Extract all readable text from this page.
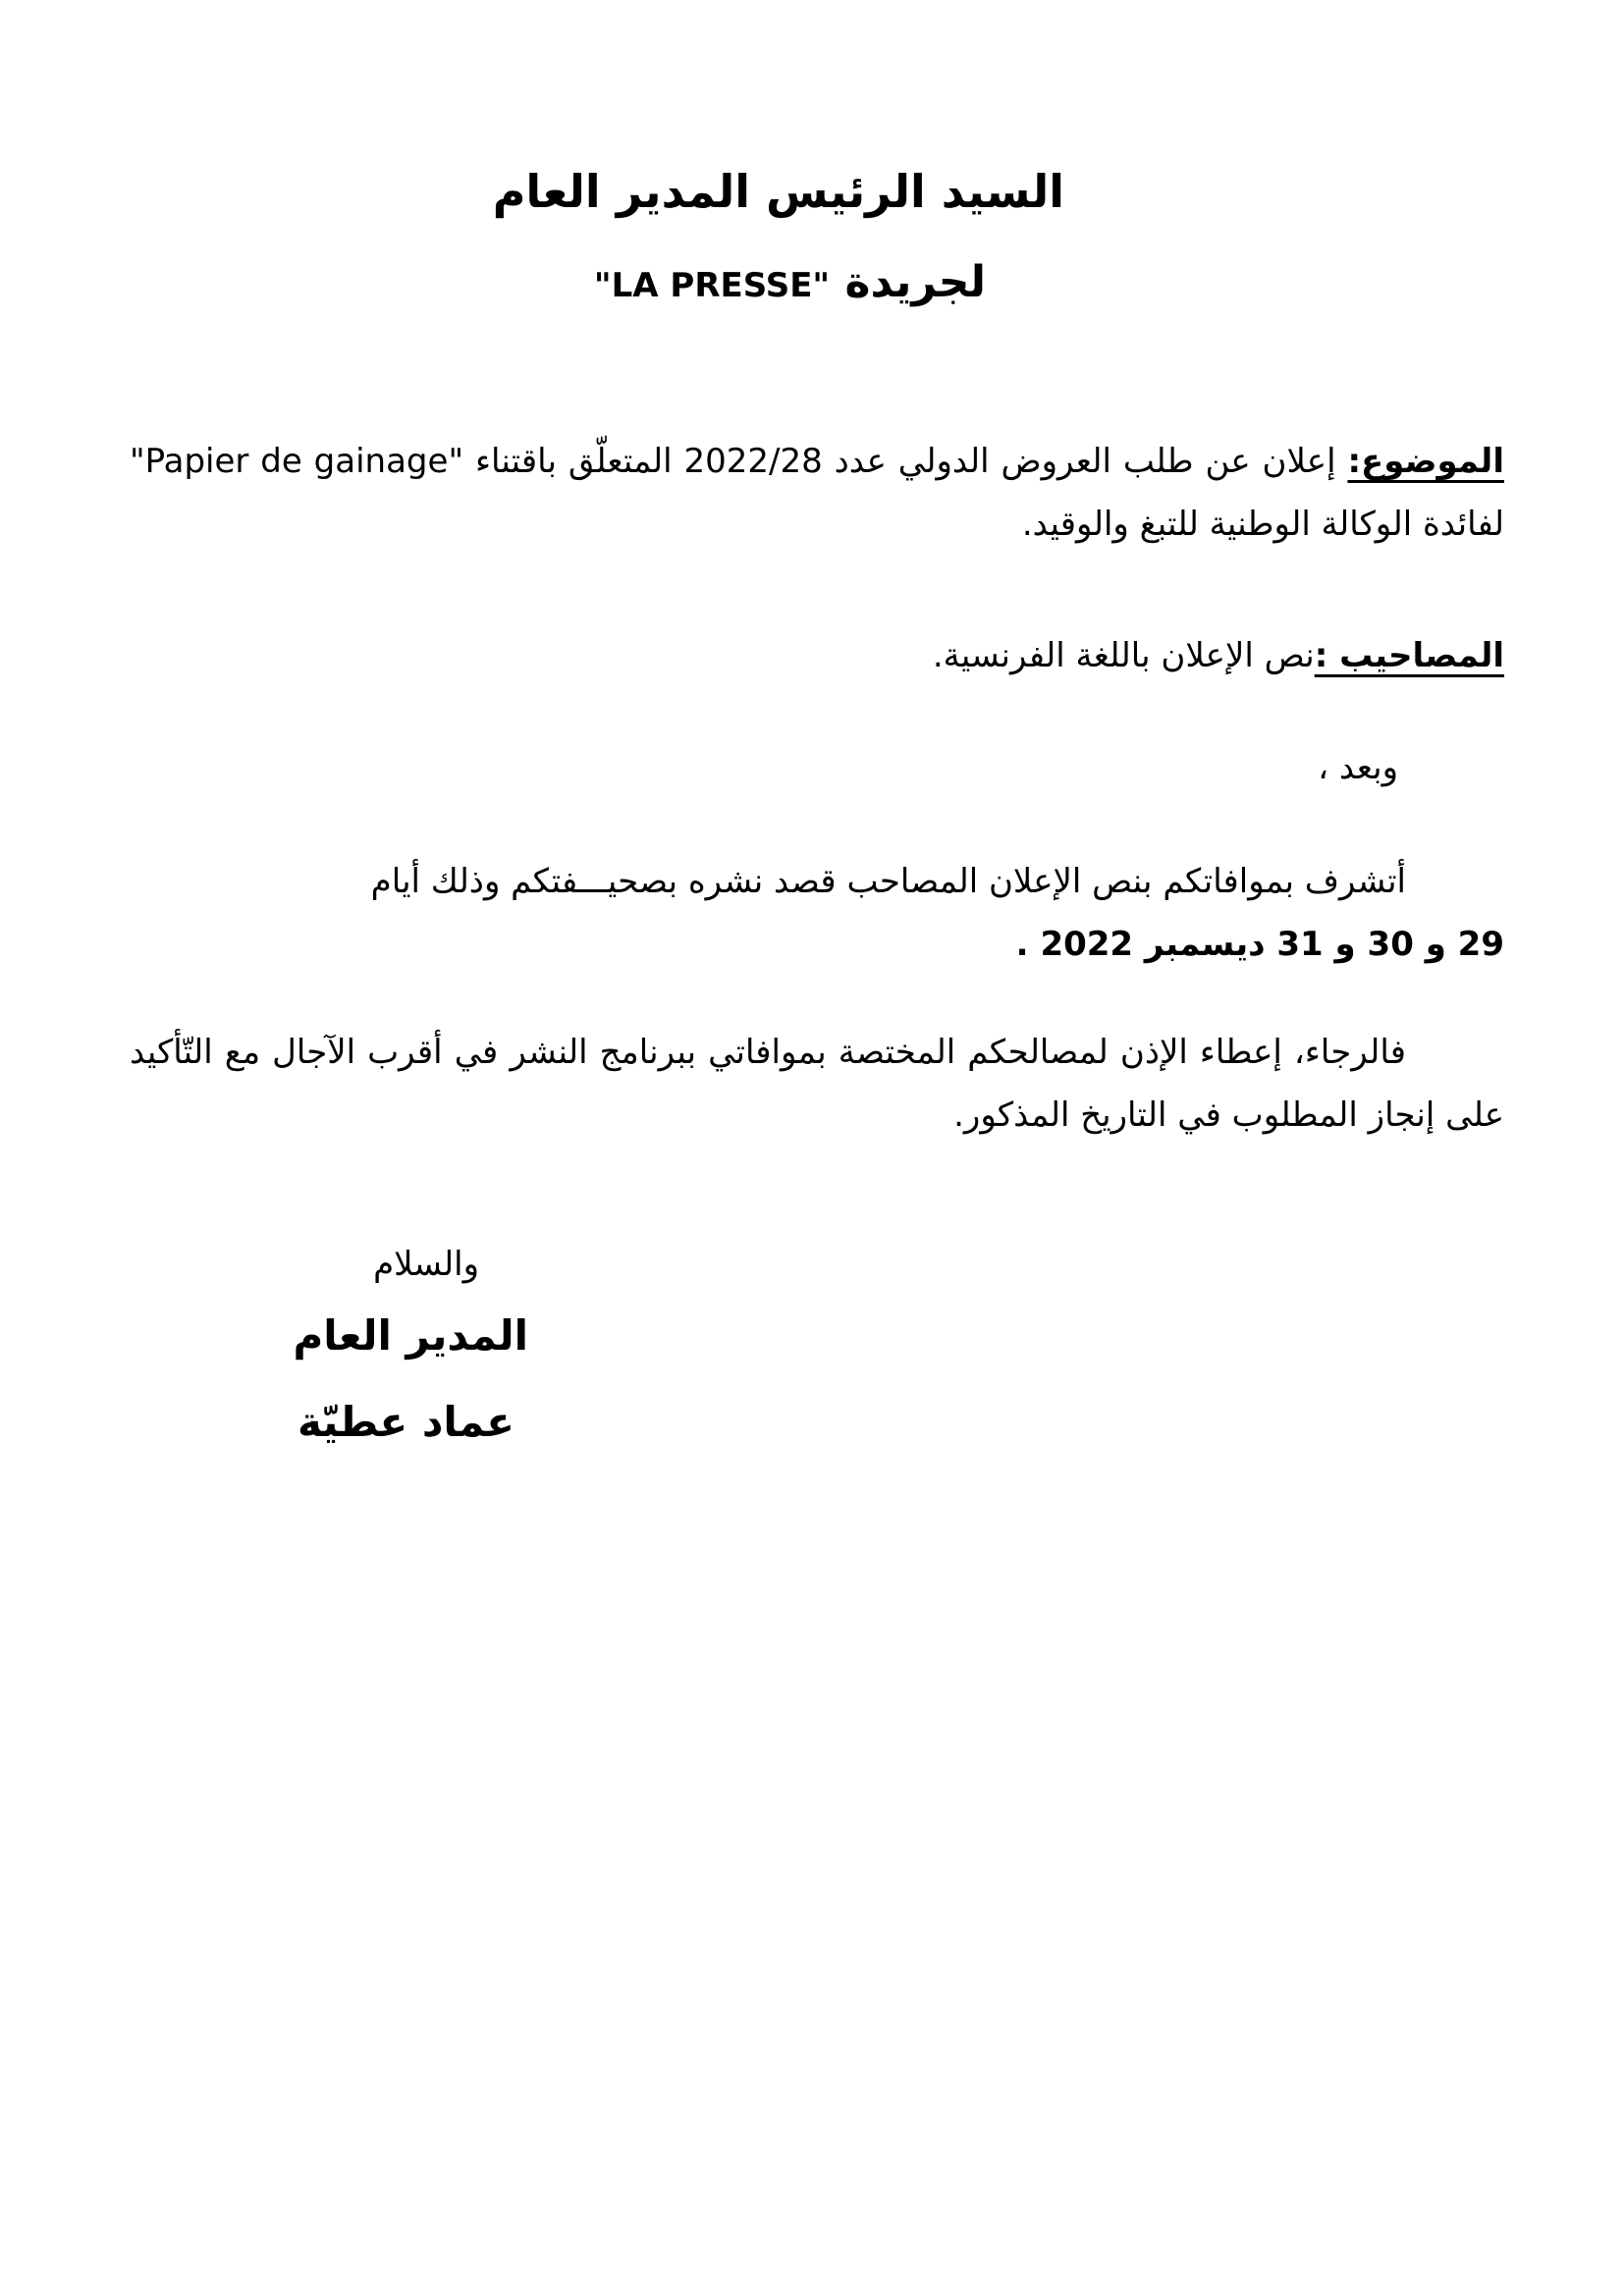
السيد الرئيس المدير العام
لجريدة "LA PRESSE"
الموضوع: إعلان عن طلب العروض الدولي عدد 2022/28 المتعلّق باقتناء "Papier de gainage" لفائدة الوكالة الوطنية للتبغ والوقيد.
المصاحيب :نص الإعلان باللغة الفرنسية.
وبعد ،
أتشرف بموافاتكم بنص الإعلان المصاحب قصد نشره بصحيـــفتكم وذلك أيام
29 و 30 و 31 ديسمبر 2022 .
فالرجاء، إعطاء الإذن لمصالحكم المختصة بموافاتي ببرنامج النشر في أقرب الآجال مع التّأكيد على إنجاز المطلوب في التاريخ المذكور.
والسلام
المدير العام
عماد عطيّة
